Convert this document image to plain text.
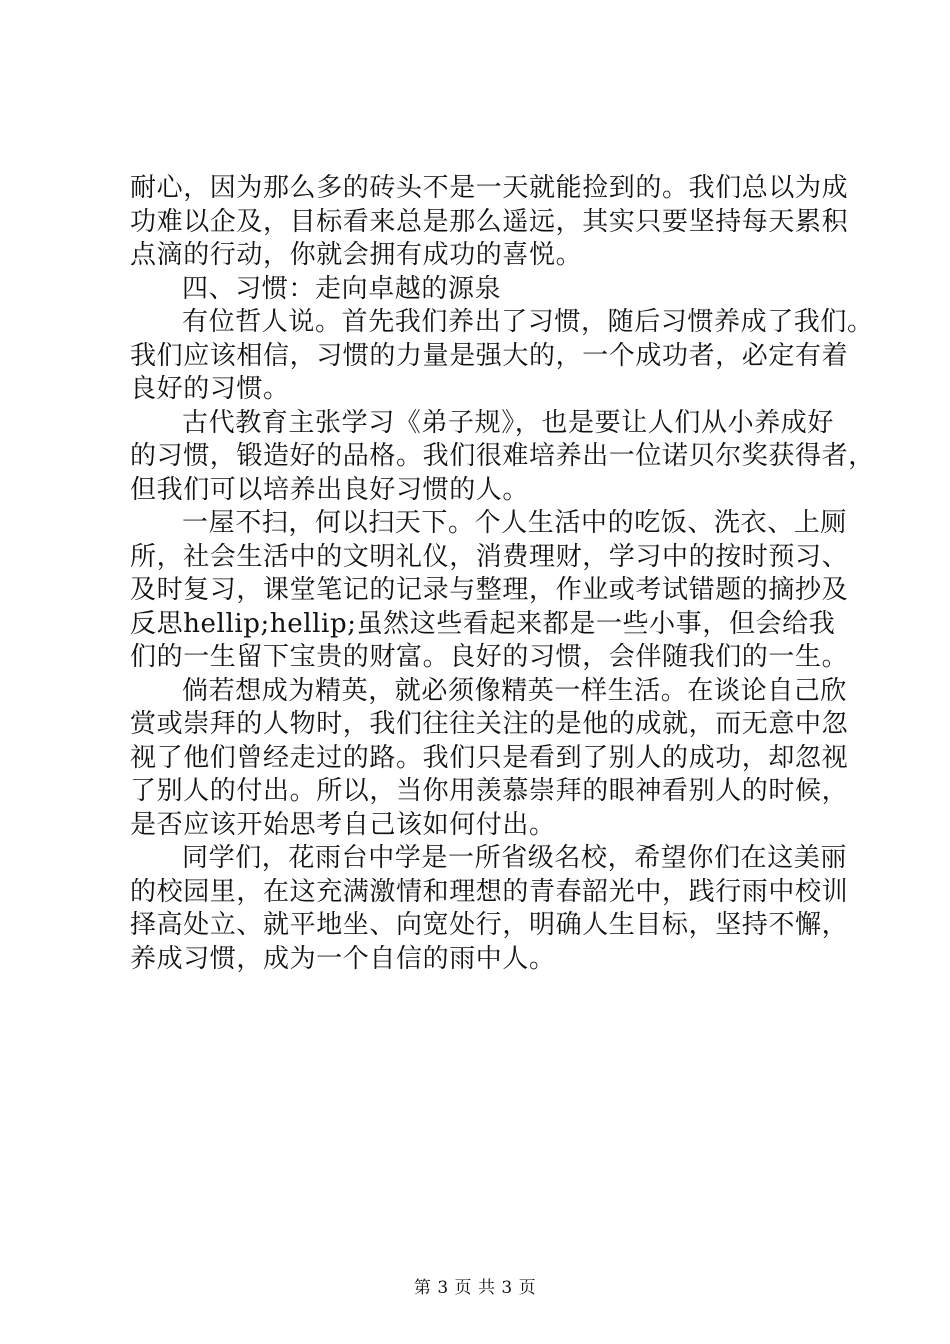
耐心，因为那么多的砖头不是一天就能捡到的。我们总以为成
功难以企及，目标看来总是那么遥远，其实只要坚持每天累积
点滴的行动，你就会拥有成功的喜悦。
四、习惯：走向卓越的源泉
有位哲人说。首先我们养出了习惯，随后习惯养成了我们。
我们应该相信，习惯的力量是强大的，一个成功者，必定有着
良好的习惯。
古代教育主张学习《弟子规》，也是要让人们从小养成好
的习惯，锻造好的品格。我们很难培养出一位诺贝尔奖获得者，
但我们可以培养出良好习惯的人。
一屋不扫，何以扫天下。个人生活中的吃饭、洗衣、上厕
所，社会生活中的文明礼仪，消费理财，学习中的按时预习、
及时复习，课堂笔记的记录与整理，作业或考试错题的摘抄及
反思hellip;hellip;虽然这些看起来都是一些小事，但会给我
们的一生留下宝贵的财富。良好的习惯，会伴随我们的一生。
倘若想成为精英，就必须像精英一样生活。在谈论自己欣
赏或崇拜的人物时，我们往往关注的是他的成就，而无意中忽
视了他们曾经走过的路。我们只是看到了别人的成功，却忽视
了别人的付出。所以，当你用羡慕崇拜的眼神看别人的时候，
是否应该开始思考自己该如何付出。
同学们，花雨台中学是一所省级名校，希望你们在这美丽
的校园里，在这充满激情和理想的青春韶光中，践行雨中校训
择高处立、就平地坐、向宽处行，明确人生目标，坚持不懈，
养成习惯，成为一个自信的雨中人。
第 3 页 共 3 页
